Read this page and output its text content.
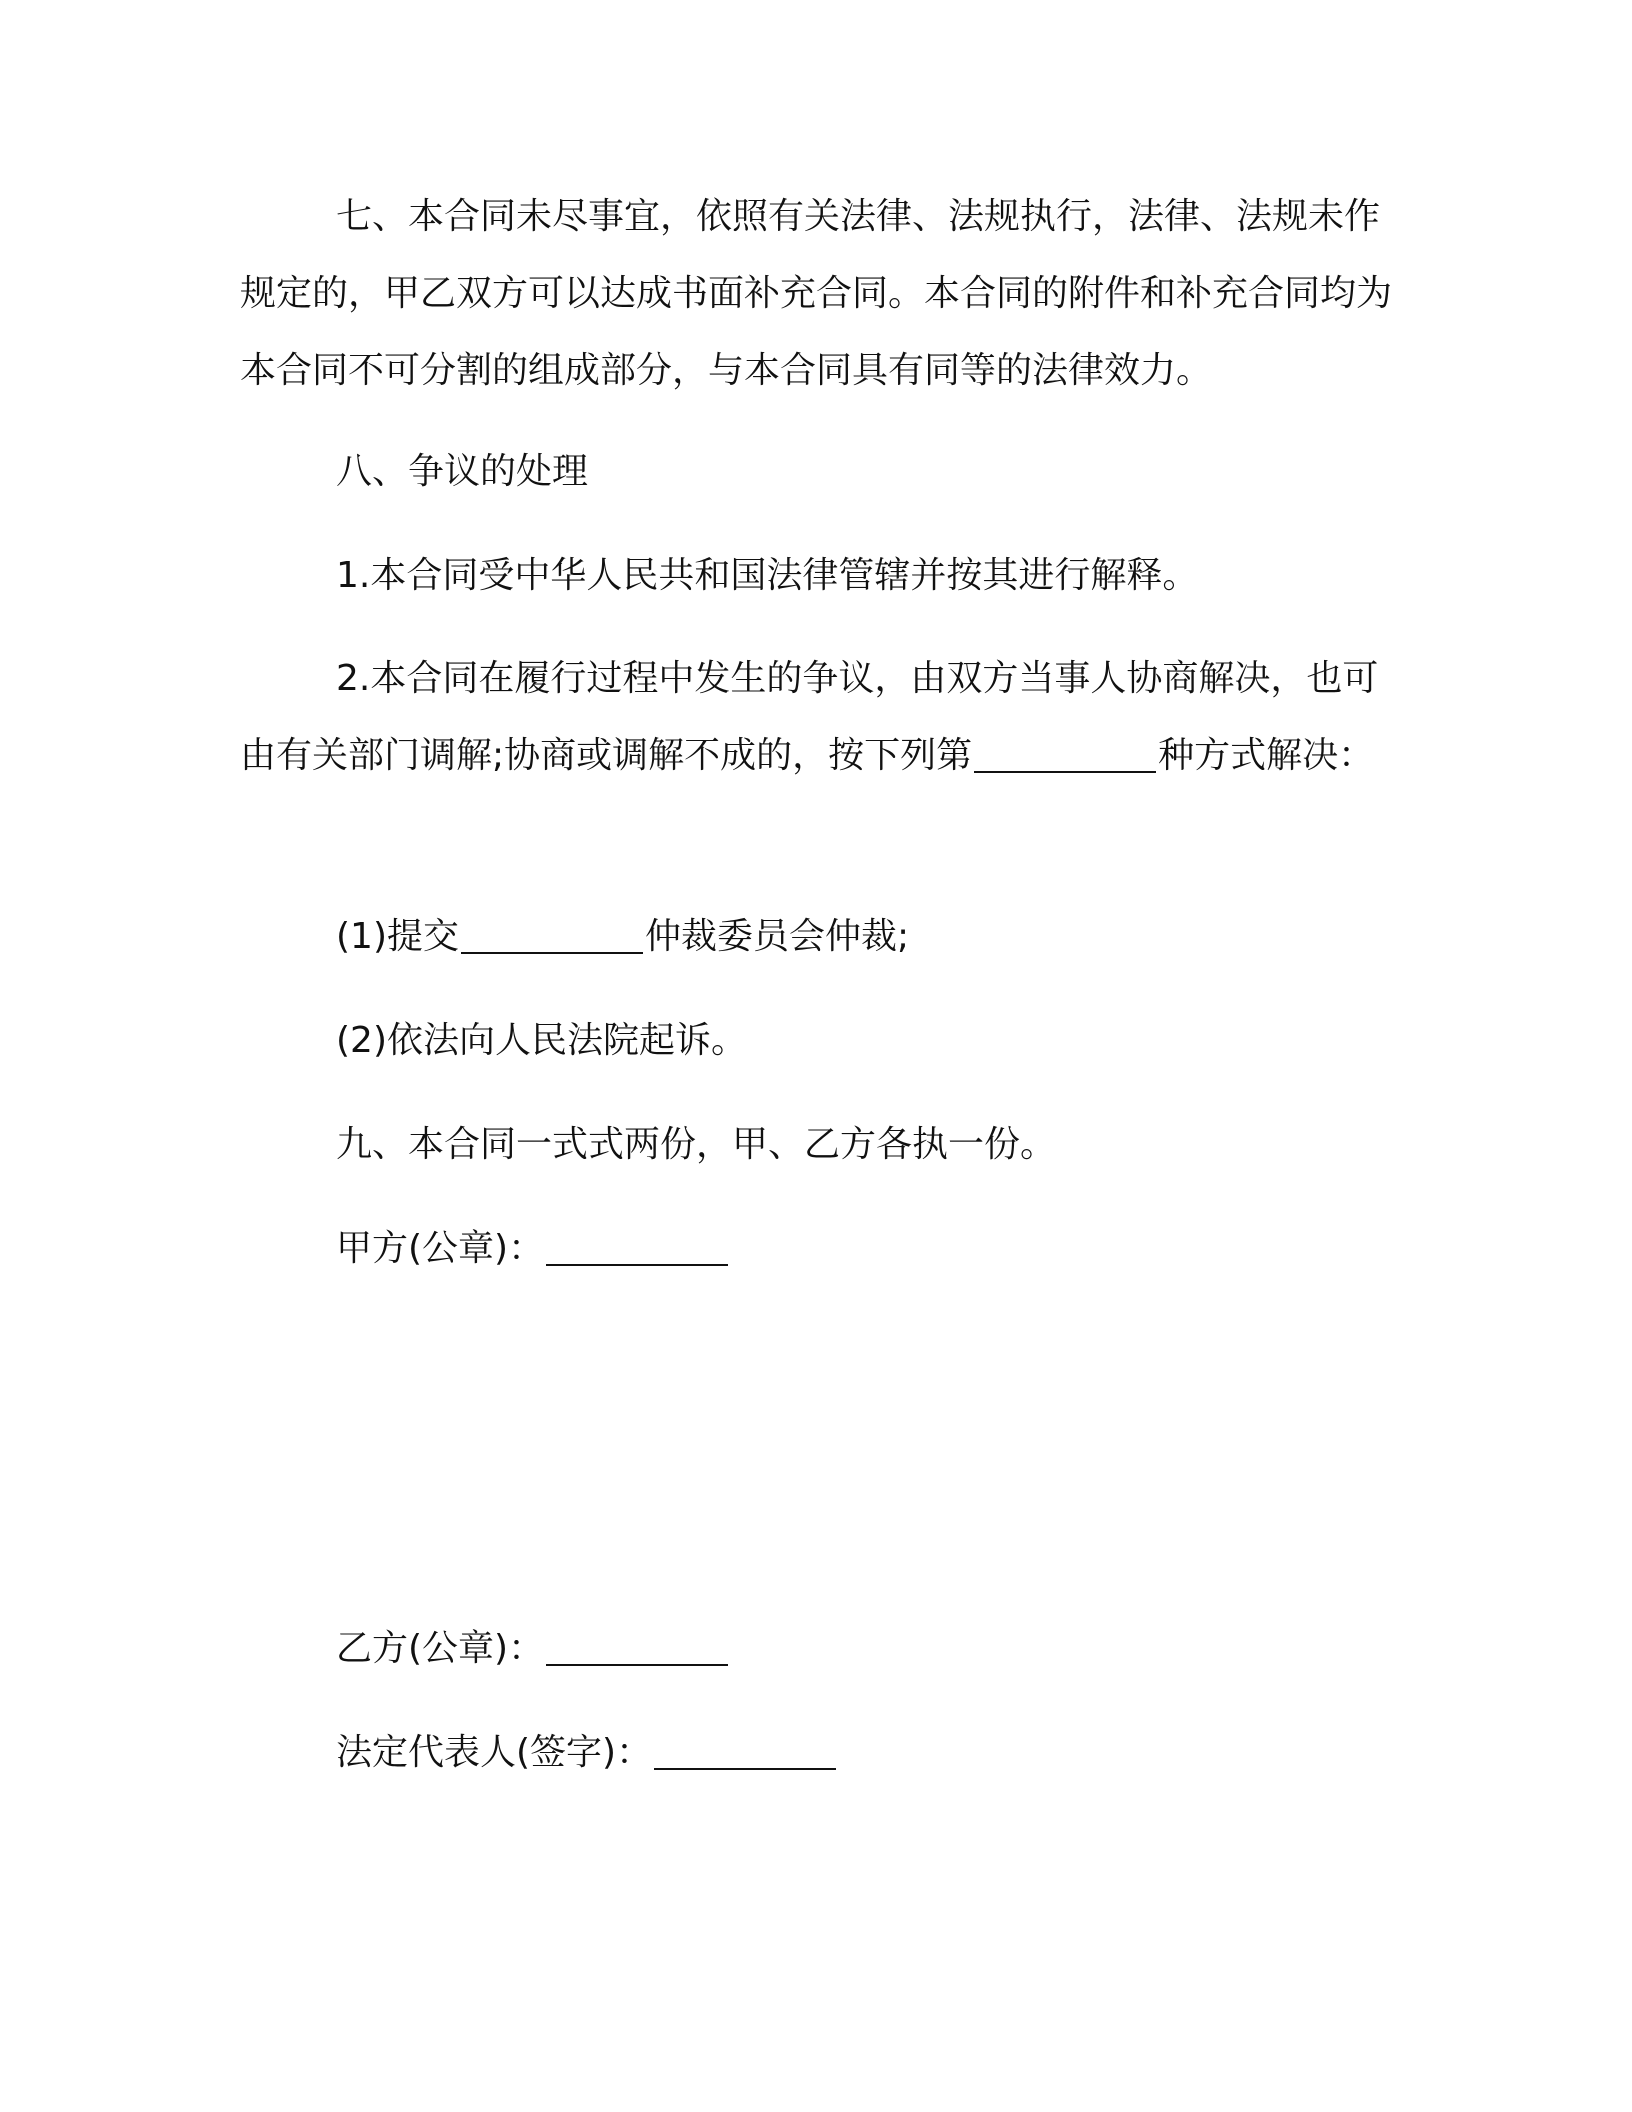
七、本合同未尽事宜，依照有关法律、法规执行，法律、法规未作规定的，甲乙双方可以达成书面补充合同。本合同的附件和补充合同均为本合同不可分割的组成部分，与本合同具有同等的法律效力。

八、争议的处理

1.本合同受中华人民共和国法律管辖并按其进行解释。

2.本合同在履行过程中发生的争议，由双方当事人协商解决，也可由有关部门调解;协商或调解不成的，按下列第	种方式解决：

(1)提交	仲裁委员会仲裁;

(2)依法向人民法院起诉。

九、本合同一式式两份，甲、乙方各执一份。

甲方(公章)：

乙方(公章)：

法定代表人(签字)：
